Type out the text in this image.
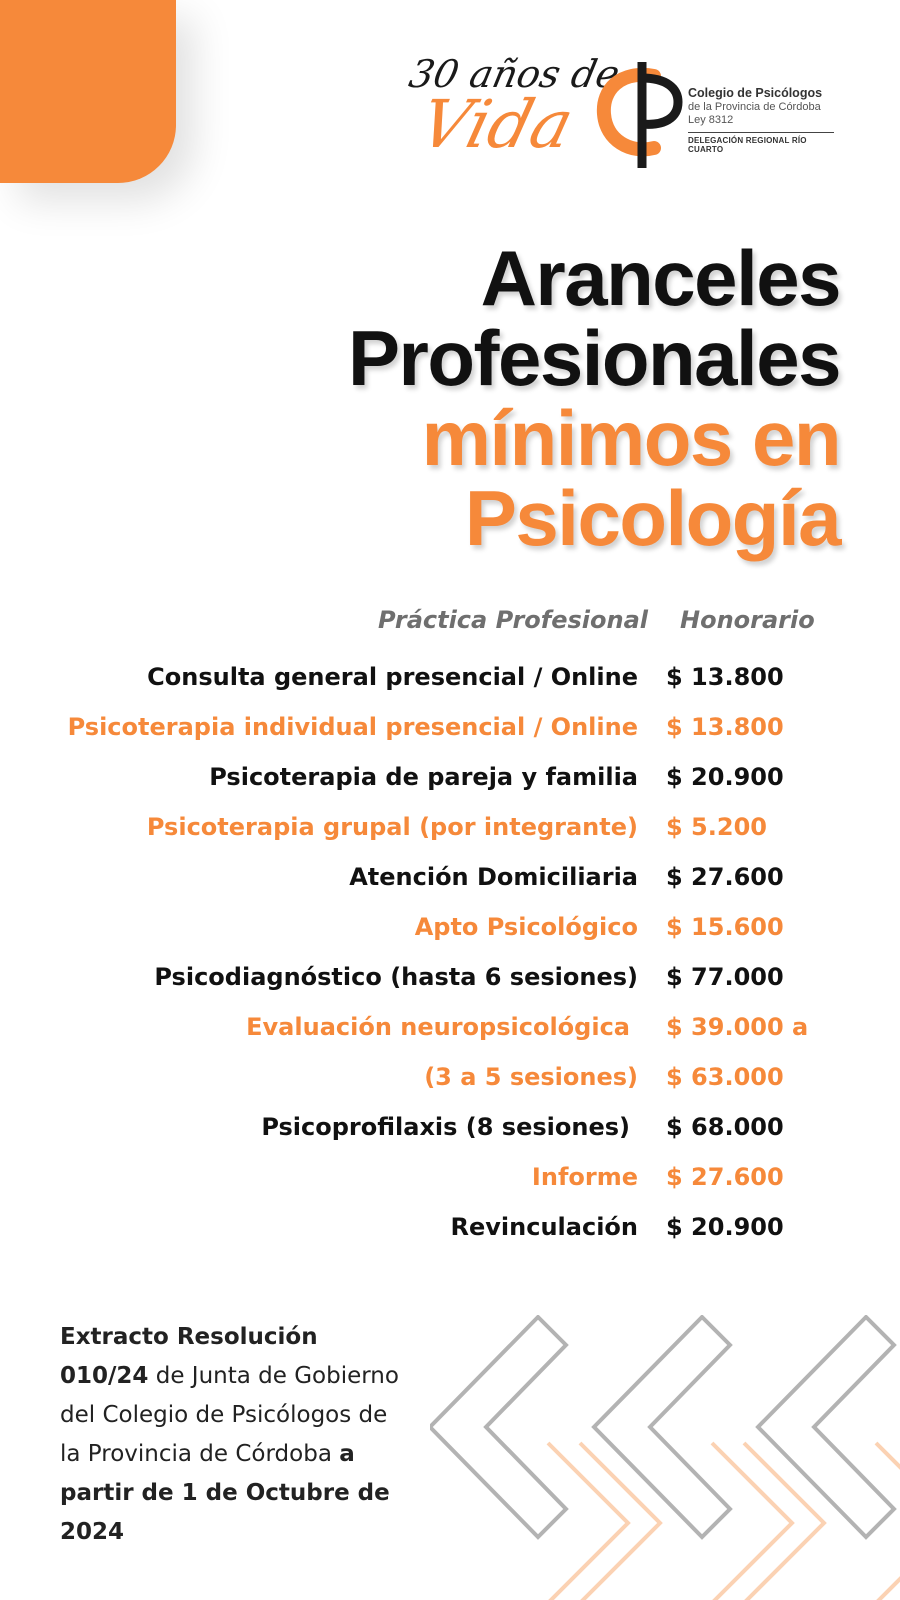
30 años de
Vida	Colegio de Psicólogos
de la Provincia de Córdoba
Ley 8312
DELEGACIÓN REGIONAL RÍO CUARTO
Aranceles
Profesionales
mínimos en
Psicología
Práctica Profesional Honorario
Consulta general presencial / Online $ 13.800
Psicoterapia individual presencial / Online $ 13.800
Psicoterapia de pareja y familia $ 20.900
Psicoterapia grupal (por integrante) $ 5.200
Atención Domiciliaria $ 27.600
Apto Psicológico $ 15.600
Psicodiagnóstico (hasta 6 sesiones) $ 77.000
Evaluación neuropsicológica $ 39.000 a
(3 a 5 sesiones) $ 63.000
Psicoprofilaxis (8 sesiones) $ 68.000
Informe $ 27.600
Revinculación $ 20.900
Extracto Resolución 010/24 de Junta de Gobierno del Colegio de Psicólogos de la Provincia de Córdoba a partir de 1 de Octubre de 2024
